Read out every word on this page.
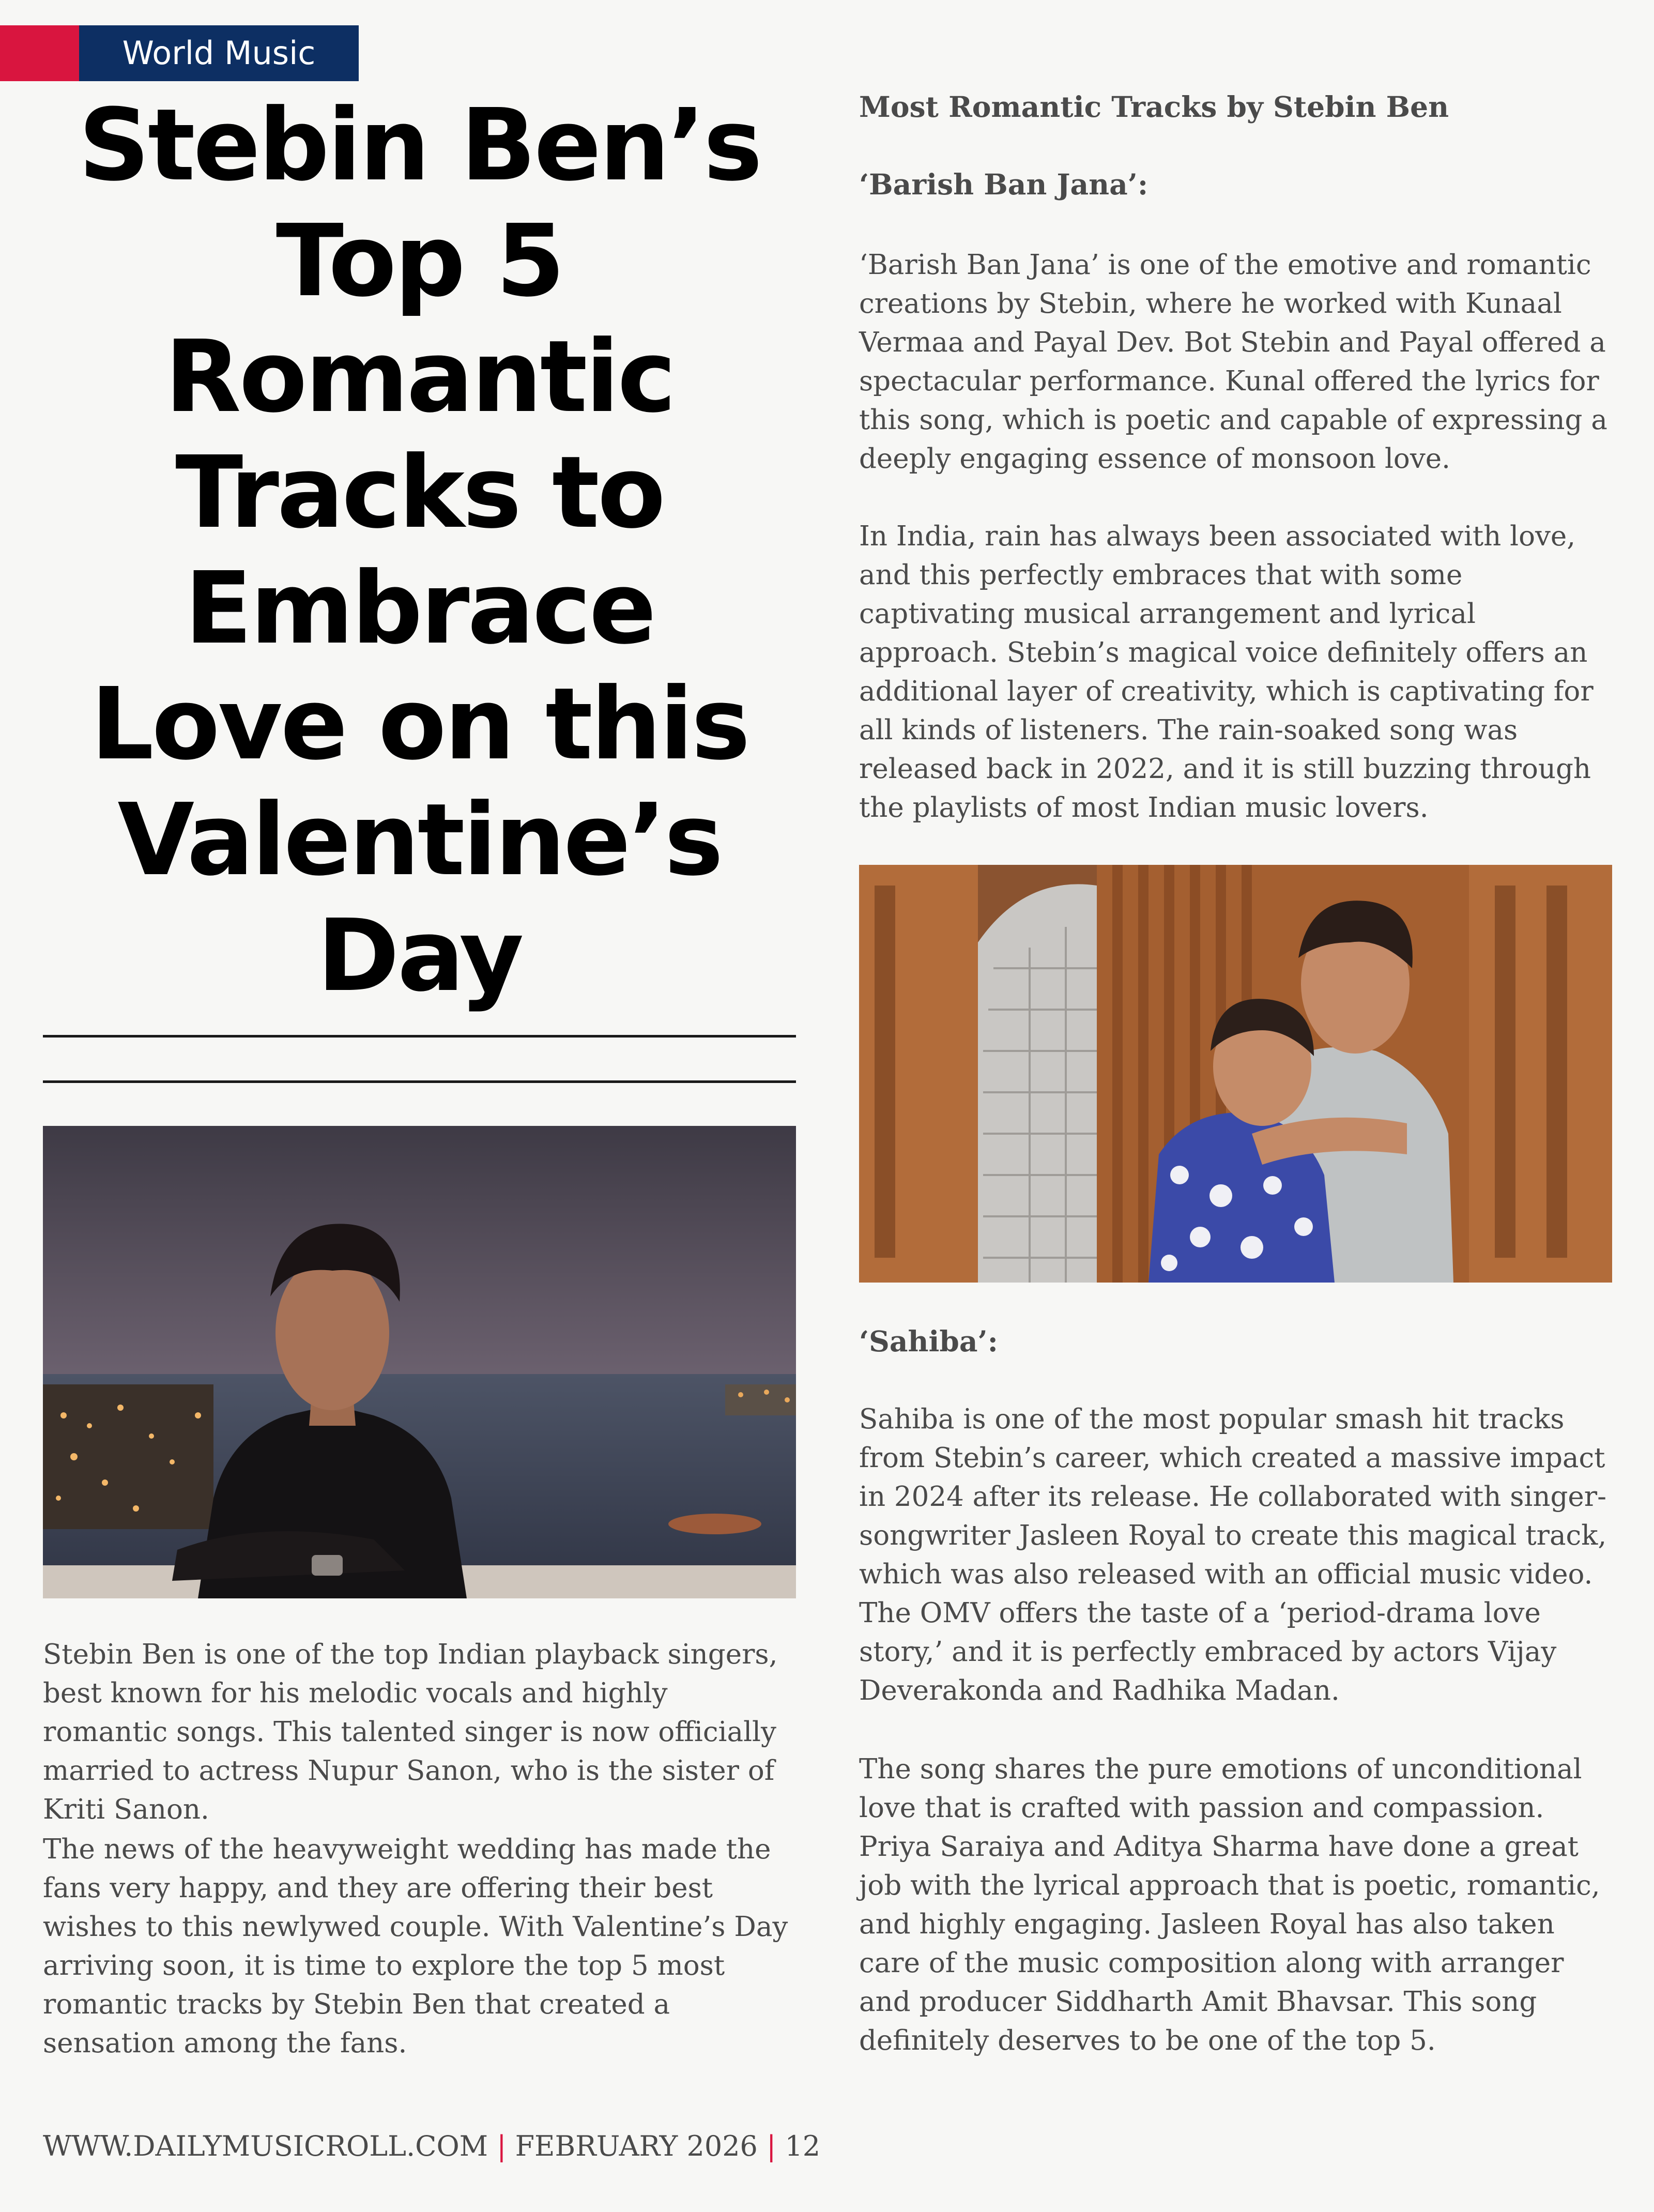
World Music
Stebin Ben’s Top 5 Romantic Tracks to Embrace Love on this Valentine’s Day

Stebin Ben is one of the top Indian playback singers, best known for his melodic vocals and highly romantic songs. This talented singer is now officially married to actress Nupur Sanon, who is the sister of Kriti Sanon.

The news of the heavyweight wedding has made the fans very happy, and they are offering their best wishes to this newlywed couple. With Valentine’s Day arriving soon, it is time to explore the top 5 most romantic tracks by Stebin Ben that created a sensation among the fans.

Most Romantic Tracks by Stebin Ben
‘Barish Ban Jana’:

‘Barish Ban Jana’ is one of the emotive and romantic creations by Stebin, where he worked with Kunaal Vermaa and Payal Dev. Bot Stebin and Payal offered a spectacular performance. Kunal offered the lyrics for this song, which is poetic and capable of expressing a deeply engaging essence of monsoon love.

In India, rain has always been associated with love, and this perfectly embraces that with some captivating musical arrangement and lyrical approach. Stebin’s magical voice definitely offers an additional layer of creativity, which is captivating for all kinds of listeners. The rain-soaked song was released back in 2022, and it is still buzzing through the playlists of most Indian music lovers.

‘Sahiba’:

Sahiba is one of the most popular smash hit tracks from Stebin’s career, which created a massive impact in 2024 after its release. He collaborated with singer-songwriter Jasleen Royal to create this magical track, which was also released with an official music video. The OMV offers the taste of a ‘period-drama love story,’ and it is perfectly embraced by actors Vijay Deverakonda and Radhika Madan.

The song shares the pure emotions of unconditional love that is crafted with passion and compassion. Priya Saraiya and Aditya Sharma have done a great job with the lyrical approach that is poetic, romantic, and highly engaging. Jasleen Royal has also taken care of the music composition along with arranger and producer Siddharth Amit Bhavsar. This song definitely deserves to be one of the top 5.

WWW.DAILYMUSICROLL.COM | FEBRUARY 2026 | 12
